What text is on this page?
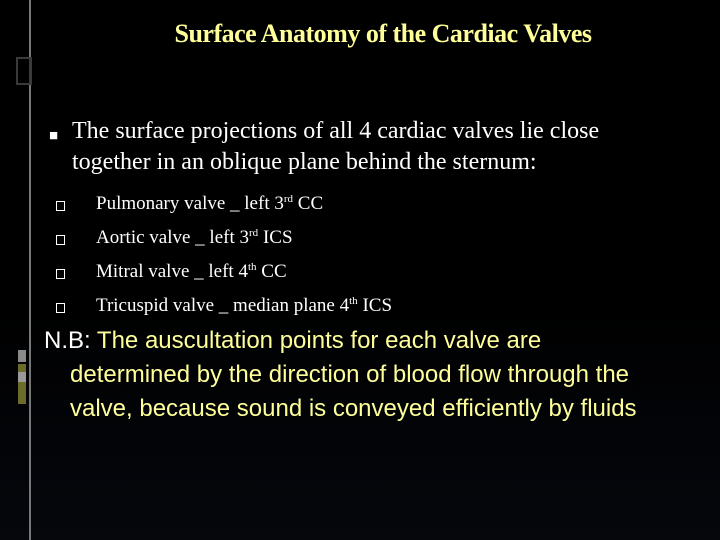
Surface Anatomy of the Cardiac Valves
■ The surface projections of all 4 cardiac valves lie close
together in an oblique plane behind the sternum:
Pulmonary valve _ left 3rd CC
Aortic valve _ left 3rd ICS
Mitral valve _ left 4th CC
Tricuspid valve _ median plane 4th ICS
N.B: The auscultation points for each valve are
determined by the direction of blood flow through the
valve, because sound is conveyed efficiently by fluids
